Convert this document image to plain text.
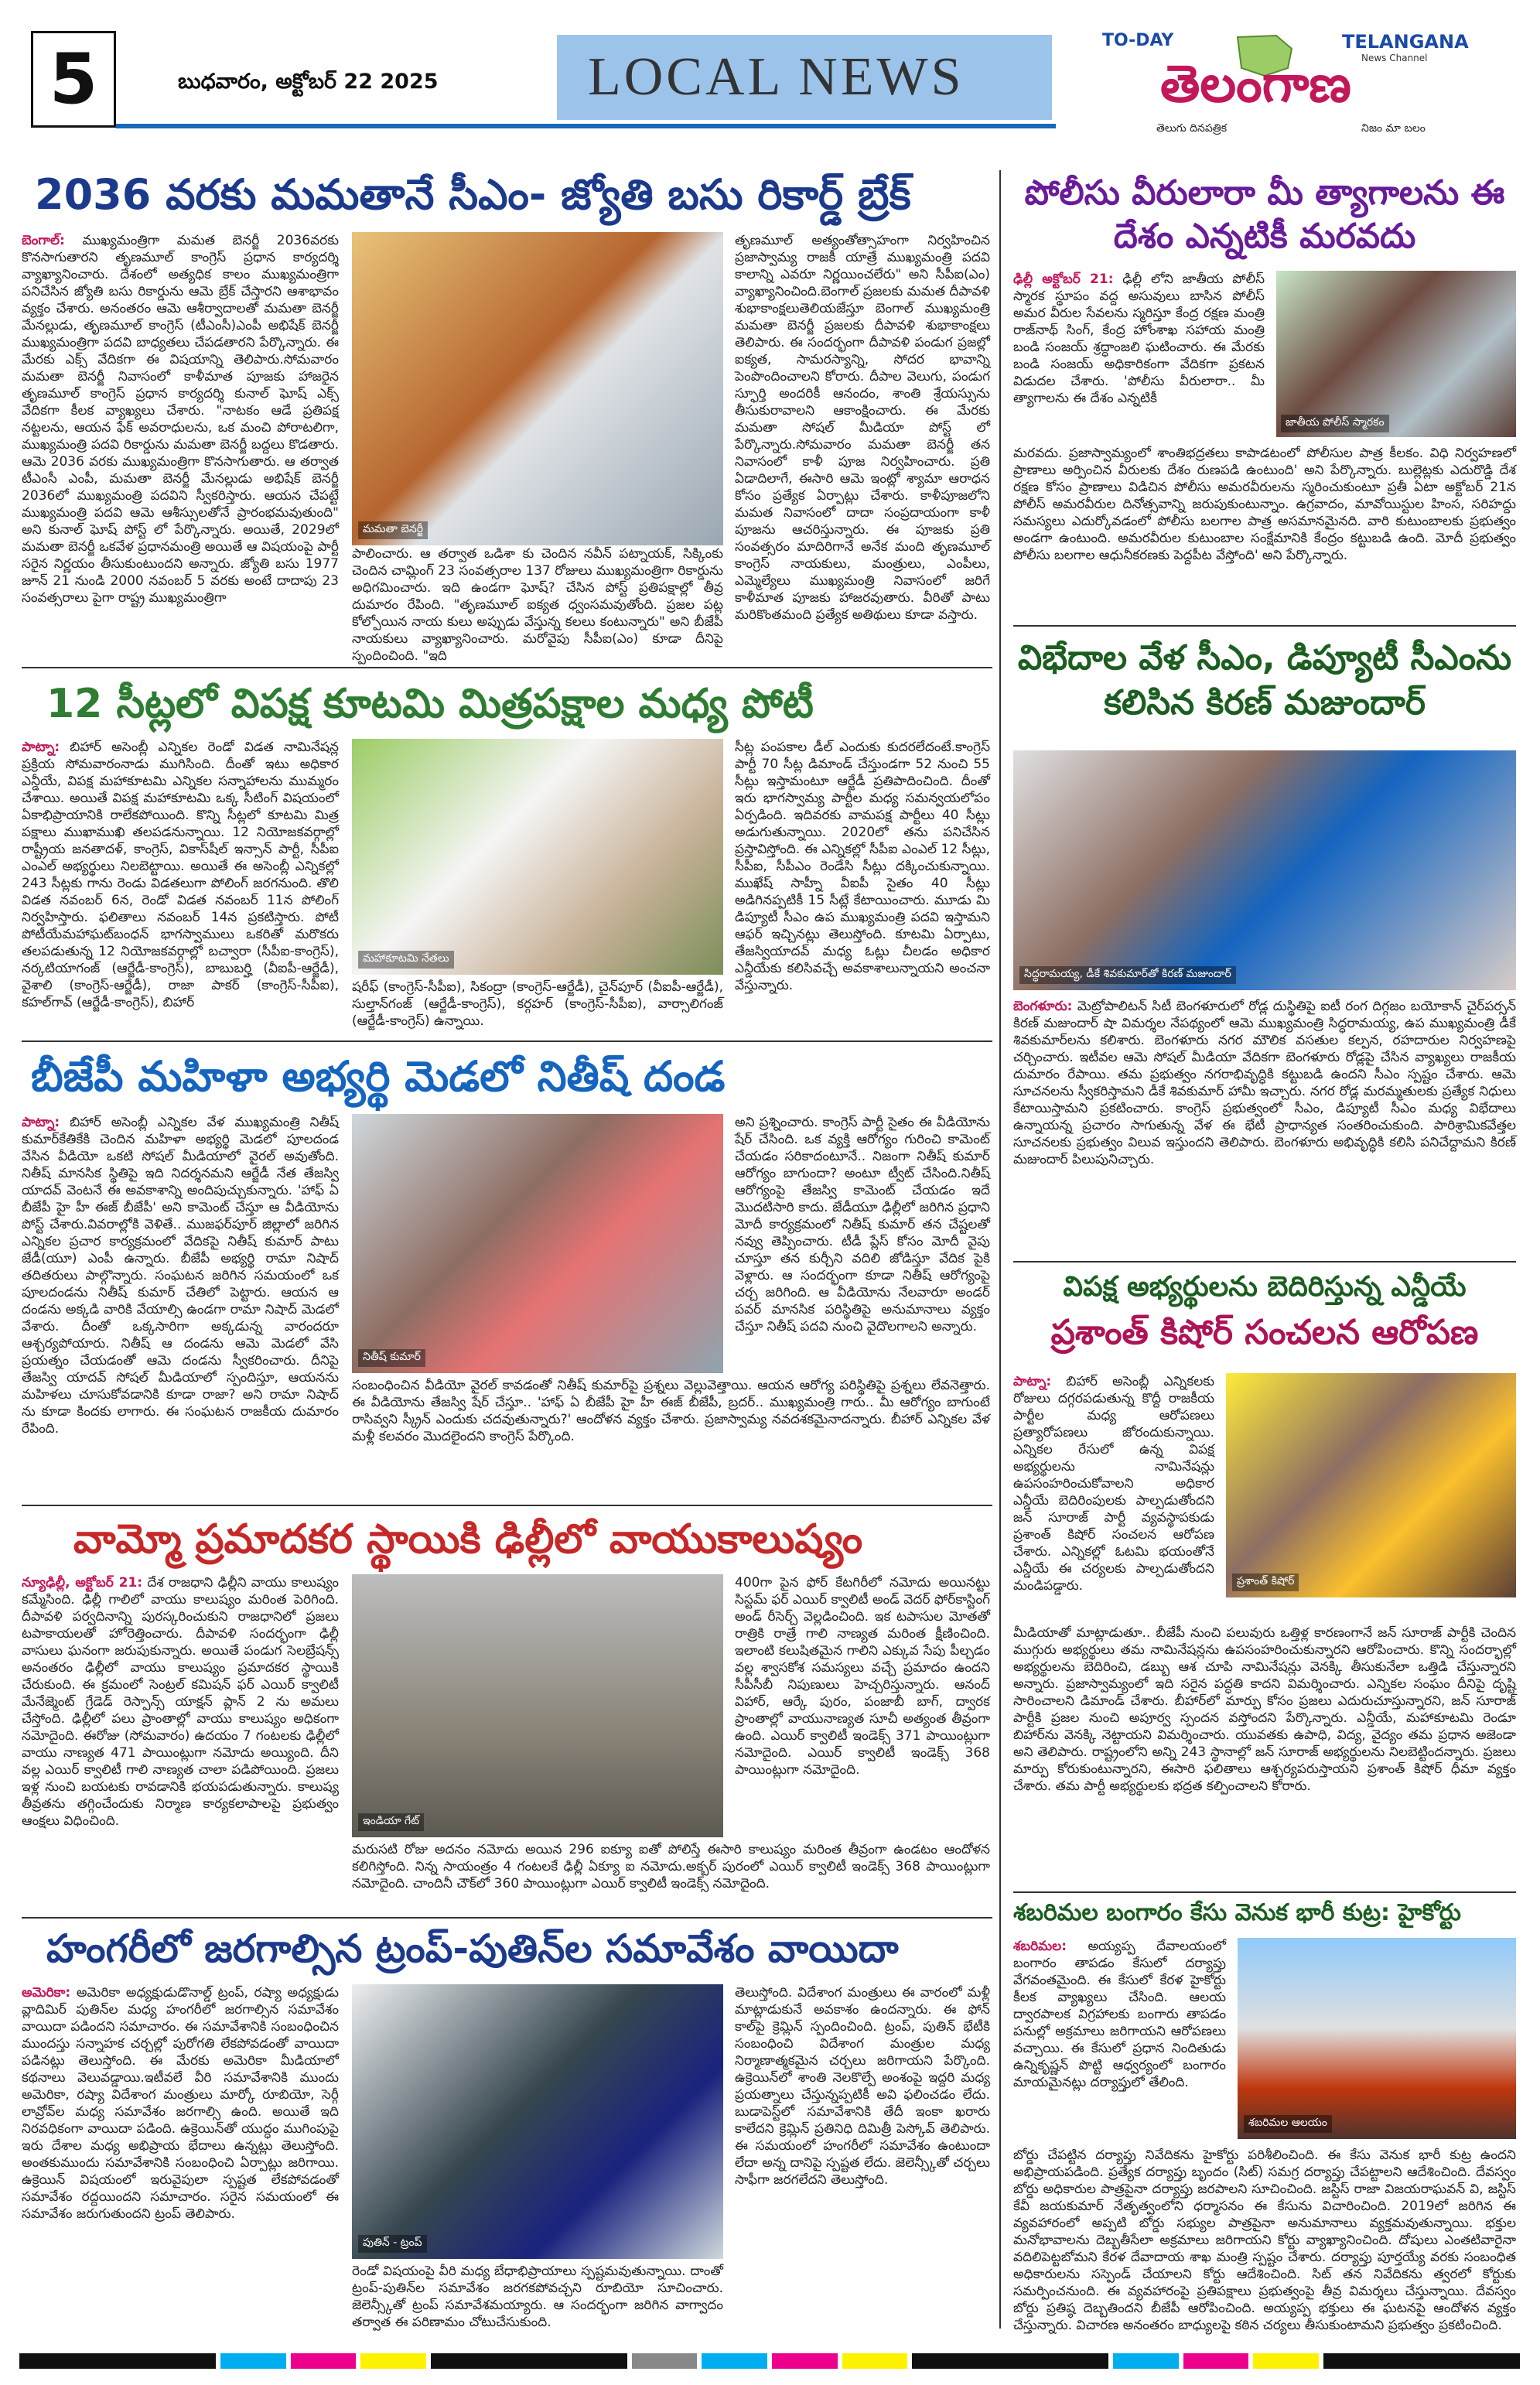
5	బుధవారం, అక్టోబర్ 22 2025	LOCAL NEWS
TO-DAY	TELANGANA
News Channel
తెలంగాణ
తెలుగు దినపత్రిక	నిజం మా బలం
2036 వరకు మమతానే సీఎం- జ్యోతి బసు రికార్డ్ బ్రేక్
బెంగాల్: ముఖ్యమంత్రిగా మమత బెనర్జీ 2036వరకు కొనసాగుతారని తృణమూల్ కాంగ్రెస్ ప్రధాన కార్యదర్శి వ్యాఖ్యానించారు. దేశంలో అత్యధిక కాలం ముఖ్యమంత్రిగా పనిచేసిన జ్యోతి బసు రికార్డును ఆమె బ్రేక్ చేస్తారని ఆశాభావం వ్యక్తం చేశారు. అనంతరం ఆమె ఆశీర్వాదాలతో మమతా బెనర్జీ మేనల్లుడు, తృణమూల్ కాంగ్రెస్ (టీఎంసీ)ఎంపీ అభిషేక్ బెనర్జీ ముఖ్యమంత్రిగా పదవి బాధ్యతలు చేపడతారని పేర్కొన్నారు. ఈ మేరకు ఎక్స్ వేదికగా ఈ విషయాన్ని తెలిపారు.సోమవారం మమతా బెనర్జీ నివాసంలో కాళీమాత పూజకు హాజరైన తృణమూల్ కాంగ్రెస్ ప్రధాన కార్యదర్శి కునాల్ ఘోష్ ఎక్స్ వేదికగా కీలక వ్యాఖ్యలు చేశారు. "నాటకం ఆడే ప్రతిపక్ష నట్టలను, ఆయన ఫేక్ అవరాధులను, ఒక మంచి పోరాటలిగా, ముఖ్యమంత్రి పదవి రికార్డును మమతా బెనర్జీ బద్దలు కొడతారు. ఆమె 2036 వరకు ముఖ్యమంత్రిగా కొనసాగుతారు. ఆ తర్వాత టీఎంసీ ఎంపీ, మమతా బెనర్జీ మేనల్లుడు అభిషేక్ బెనర్జీ 2036లో ముఖ్యమంత్రి పదవిని స్వీకరిస్తారు. ఆయన చేపట్టే ముఖ్యమంత్రి పదవి ఆమె ఆశీస్సులతోనే ప్రారంభమవుతుంది" అని కునాల్ ఘోష్ పోస్ట్ లో పేర్కొన్నారు. అయితే, 2029లో మమతా బెనర్జీ ఒకవేళ ప్రధానమంత్రి అయితే ఆ విషయంపై పార్టీ సరైన నిర్ణయం తీసుకుంటుందని అన్నారు. జ్యోతి బసు 1977 జూన్ 21 నుండి 2000 నవంబర్ 5 వరకు అంటే దాదాపు 23 సంవత్సరాలు పైగా రాష్ట్ర ముఖ్యమంత్రిగా
మమతా బెనర్జీ
పాలించారు. ఆ తర్వాత ఒడిశా కు చెందిన నవీన్ పట్నాయక్, సిక్కింకు చెందిన చామ్లింగ్ 23 సంవత్సరాల 137 రోజులు ముఖ్యమంత్రిగా రికార్డును అధిగమించారు. ఇది ఉండగా ఘోష్? చేసిన పోస్ట్ ప్రతిపక్షాల్లో తీవ్ర దుమారం రేపింది. "తృణమూల్ ఐక్యత ధ్వంసమవుతోంది. ప్రజల పట్ల కోల్పోయిన నాయ కులు అప్పుడు వేస్తున్న కలలు కంటున్నారు" అని బీజేపీ నాయకులు వ్యాఖ్యానించారు. మరోవైపు సీపీఐ(ఎం) కూడా దీనిపై స్పందించింది. "ఇది
తృణమూల్ అత్యంతోత్సాహంగా నిర్వహించిన ప్రజాస్వామ్య రాజకీ యాత్రే ముఖ్యమంత్రి పదవి కాలాన్ని ఎవరూ నిర్ణయించలేరు" అని సీపీఐ(ఎం) వ్యాఖ్యానించింది.బెంగాల్ ప్రజలకు మమత దీపావళి శుభాకాంక్షలుతెలియజేస్తూ బెంగాల్ ముఖ్యమంత్రి మమతా బెనర్జీ ప్రజలకు దీపావళి శుభాకాంక్షలు తెలిపారు. ఈ సందర్భంగా దీపావళి పండుగ ప్రజల్లో ఐక్యత, సామరస్యాన్ని, సోదర భావాన్ని పెంపొందించాలని కోరారు. దీపాల వెలుగు, పండుగ స్ఫూర్తి అందరికీ ఆనందం, శాంతి శ్రేయస్సును తీసుకురావాలని ఆకాంక్షించారు. ఈ మేరకు మమతా సోషల్ మీడియా పోస్ట్ లో పేర్కొన్నారు.సోమవారం మమతా బెనర్జీ తన నివాసంలో కాళీ పూజ నిర్వహించారు. ప్రతి ఏడాదిలాగే, ఈసారి ఆమె ఇంట్లో శ్యామా ఆరాధన కోసం ప్రత్యేక ఏర్పాట్లు చేశారు. కాళీపూజలోని మమత నివాసంలో దాదా సంప్రదాయంగా కాళీ పూజను ఆచరిస్తున్నారు. ఈ పూజకు ప్రతి సంవత్సరం మాదిరిగానే అనేక మంది తృణమూల్ కాంగ్రెస్ నాయకులు, మంత్రులు, ఎంపీలు, ఎమ్మెల్యేలు ముఖ్యమంత్రి నివాసంలో జరిగే కాళీమాత పూజకు హాజరవుతారు. వీరితో పాటు మరికొంతమంది ప్రత్యేక అతిథులు కూడా వస్తారు.
12 సీట్లలో విపక్ష కూటమి మిత్రపక్షాల మధ్య పోటీ
పాట్నా: బిహార్ అసెంబ్లీ ఎన్నికల రెండో విడత నామినేషన్ల ప్రక్రియ సోమవారంనాడు ముగిసింది. దీంతో ఇటు అధికార ఎన్డీయే, విపక్ష మహాకూటమి ఎన్నికల సన్నాహాలను ముమ్మరం చేశాయి. అయితే విపక్ష మహాకూటమి ఒక్క సీటింగ్ విషయంలో ఏకాభిప్రాయానికి రాలేకపోయింది. కొన్ని సీట్లలో కూటమి మిత్ర పక్షాలు ముఖాముఖి తలపడనున్నాయి. 12 నియోజకవర్గాల్లో రాష్ట్రీయ జనతాదళ్, కాంగ్రెస్, వికాస్‌షీల్ ఇన్సాన్ పార్టీ, సీపీఐ ఎంఎల్ అభ్యర్థులు నిలబెట్టాయి. అయితే ఈ అసెంబ్లీ ఎన్నికల్లో 243 సీట్లకు గాను రెండు విడతలుగా పోలింగ్ జరగనుంది. తొలి విడత నవంబర్ 6న, రెండో విడత నవంబర్ 11న పోలింగ్ నిర్వహిస్తారు. ఫలితాలు నవంబర్ 14న ప్రకటిస్తారు. పోటీ పోటీయేమహాఘట్‌బంధన్ భాగస్వాములు ఒకరితో మరొకరు తలపడుతున్న 12 నియోజకవర్గాల్లో బచ్వారా (సీపీఐ-కాంగ్రెస్), నర్కటియాగంజ్ (ఆర్జేడీ-కాంగ్రెస్), బాబుబర్హి (వీఐపీ-ఆర్జేడీ), వైశాలి (కాంగ్రెస్-ఆర్జేడీ), రాజా పాకర్ (కాంగ్రెస్-సీపీఐ), కహల్‌గావ్ (ఆర్జేడీ-కాంగ్రెస్), బిహార్
మహాకూటమి నేతలు
షరీఫ్ (కాంగ్రెస్-సీపీఐ), సికంద్రా (కాంగ్రెస్-ఆర్జేడీ), చైన్‌పూర్ (వీఐపీ-ఆర్జేడీ), సుల్తాన్‌గంజ్ (ఆర్జేడీ-కాంగ్రెస్), కర్గహర్ (కాంగ్రెస్-సీపీఐ), వార్సాలిగంజ్ (ఆర్జేడీ-కాంగ్రెస్) ఉన్నాయి.
సీట్ల పంపకాల డీల్ ఎందుకు కుదరలేదంటే.కాంగ్రెస్ పార్టీ 70 సీట్ల డిమాండ్ చేస్తుండగా 52 నుంచి 55 సీట్లు ఇస్తామంటూ ఆర్జేడీ ప్రతిపాదించింది. దీంతో ఇరు భాగస్వామ్య పార్టీల మధ్య సమన్వయలోపం ఏర్పడింది. ఇదివరకు వామపక్ష పార్టీలు 40 సీట్లు అడుగుతున్నాయి. 2020లో తను పనిచేసిన ప్రస్తావిస్తోంది. ఈ ఎన్నికల్లో సీపీఐ ఎంఎల్ 12 సీట్లు, సీపీఐ, సీపీఎం రెండేసి సీట్లు దక్కించుకున్నాయి. ముఖేష్ సాహ్నీ వీఐపీ సైతం 40 సీట్లు అడిగినప్పటికీ 15 సీట్లే కేటాయించారు. మూడు మి డిప్యూటీ సీఎం ఉప ముఖ్యమంత్రి పదవి ఇస్తామని ఆఫర్ ఇచ్చినట్లు తెలుస్తోంది. కూటమి ఏర్పాటు, తేజస్వియాదవ్ మధ్య ఓట్లు చీలడం అధికార ఎన్డీయేకు కలిసివచ్చే అవకాశాలున్నాయని అంచనా వేస్తున్నారు.
బీజేపీ మహిళా అభ్యర్థి మెడలో నితీష్ దండ
పాట్నా: బిహార్ అసెంబ్లీ ఎన్నికల వేళ ముఖ్యమంత్రి నితీష్ కుమార్‌కేతికేకి చెందిన మహిళా అభ్యర్థి మెడలో పూలదండ వేసిన వీడియో ఒకటి సోషల్ మీడియాలో వైరల్ అవుతోంది. నితీష్ మానసిక స్థితిపై ఇది నిదర్శనమని ఆర్జేడీ నేత తేజస్వి యాదవ్ వెంటనే ఈ అవకాశాన్ని అందిపుచ్చుకున్నారు. 'హాఫ్ ఏ బీజేపీ హై హీ ఈజ్ బీజేపీ' అని కామెంట్ చేస్తూ ఆ వీడియోను పోస్ట్ చేశారు.వివరాల్లోకి వెళితే.. ముజఫర్‌పూర్ జిల్లాలో జరిగిన ఎన్నికల ప్రచార కార్యక్రమంలో వేదికపై నితీష్ కుమార్ పాటు జేడీ(యూ) ఎంపీ ఉన్నారు. బీజేపీ అభ్యర్థి రామా నిషాద్ తదితరులు పాల్గొన్నారు. సంఘటన జరిగిన సమయంలో ఒక పూలదండను నితీష్ కుమార్ చేతిలో పెట్టారు. ఆయన ఆ దండను అక్కడి వారికి వేయాల్సి ఉండగా రామా నిషాద్ మెడలో వేశారు. దీంతో ఒక్కసారిగా అక్కడున్న వారందరూ ఆశ్చర్యపోయారు. నితీష్ ఆ దండను ఆమె మెడలో వేసి ప్రయత్నం చేయడంతో ఆమె దండను స్వీకరించారు. దీనిపై తేజస్వి యాదవ్ సోషల్ మీడియాలో స్పందిస్తూ, ఆయనను మహిళలు చూసుకోవడానికి కూడా రాజా? అని రామా నిషాద్ ను కూడా కిందకు లాగారు. ఈ సంఘటన రాజకీయ దుమారం రేపింది.
నితీష్ కుమార్
సంబంధించిన వీడియో వైరల్ కావడంతో నితీష్ కుమార్‌పై ప్రశ్నలు వెల్లువెత్తాయి. ఆయన ఆరోగ్య పరిస్థితిపై ప్రశ్నలు లేవనెత్తారు. ఈ వీడియోను తేజస్వి షేర్ చేస్తూ.. 'హాఫ్ ఏ బీజేపీ హై హీ ఈజ్ బీజేపీ, బ్రదర్.. ముఖ్యమంత్రి గారు.. మీ ఆరోగ్యం బాగుంటే రాసివ్వని స్క్రీన్ ఎందుకు చదవుతున్నారు?' ఆందోళన వ్యక్తం చేశారు. ప్రజాస్వామ్య నవదశకమైనాదన్నారు. బీహార్ ఎన్నికల వేళ మళ్లీ కలవరం మొదలైందని కాంగ్రెస్ పేర్కొంది.
అని ప్రశ్నించారు. కాంగ్రెస్ పార్టీ సైతం ఈ వీడియోను షేర్ చేసింది. ఒక వ్యక్తి ఆరోగ్యం గురించి కామెంట్ చేయడం సరికాదంటూనే.. నిజంగా నితీష్ కుమార్ ఆరోగ్యం బాగుందా? అంటూ ట్వీట్ చేసింది.నితీష్ ఆరోగ్యంపై తేజస్వి కామెంట్ చేయడం ఇదే మొదటిసారి కాదు. జేడీయూ ఢిల్లీలో జరిగిన ప్రధాని మోదీ కార్యక్రమంలో నితీష్ కుమార్ తన చేష్టలతో నవ్వు తెప్పించారు. టీడీ ప్లేస్ కోసం మోదీ వైపు చూస్తూ తన కుర్చీని వదిలి జోడిస్తూ వేదిక పైకి వెళ్లారు. ఆ సందర్భంగా కూడా నితీష్ ఆరోగ్యంపై చర్చ జరిగింది. ఆ వీడియోను నేలవారూ అండర్ పవర్ మానసిక పరిస్థితిపై అనుమానాలు వ్యక్తం చేస్తూ నితీష్ పదవి నుంచి వైదొలగాలని అన్నారు.
వామ్మో ప్రమాదకర స్థాయికి ఢిల్లీలో వాయుకాలుష్యం
న్యూఢిల్లీ, అక్టోబర్ 21: దేశ రాజధాని ఢిల్లీని వాయు కాలుష్యం కమ్మేసింది. ఢిల్లీ గాలిలో వాయు కాలుష్యం మరింత పెరిగింది. దీపావళి పర్వదినాన్ని పురస్కరించుకుని రాజధానిలో ప్రజలు టపాకాయలతో హోరెత్తించారు. దీపావళి సందర్భంగా ఢిల్లీ వాసులు ఘనంగా జరుపుకున్నారు. అయితే పండుగ సెలబ్రేషన్స్ అనంతరం ఢిల్లీలో వాయు కాలుష్యం ప్రమాదకర స్థాయికి చేరుకుంది. ఈ క్రమంలో సెంట్రల్ కమిషన్ ఫర్ ఎయిర్ క్వాలిటీ మేనేజ్మెంట్ గ్రేడెడ్ రెస్పాన్స్ యాక్షన్ ప్లాన్ 2 ను అమలు చేస్తోంది. ఢిల్లీలో పలు ప్రాంతాల్లో వాయు కాలుష్యం అధికంగా నమోదైంది. ఈరోజు (సోమవారం) ఉదయం 7 గంటలకు ఢిల్లీలో వాయు నాణ్యత 471 పాయింట్లుగా నమోదు అయ్యింది. దీని వల్ల ఎయిర్ క్వాలిటీ గాలి నాణ్యత చాలా పడిపోయింది. ప్రజలు ఇళ్ల నుంచి బయటకు రావడానికి భయపడుతున్నారు. కాలుష్య తీవ్రతను తగ్గించేందుకు నిర్మాణ కార్యకలాపాలపై ప్రభుత్వం ఆంక్షలు విధించింది.	ఇండియా గేట్
మరుసటి రోజు అదనం నమోదు అయిన 296 ఐక్యూ ఐతో పోలిస్తే ఈసారి కాలుష్యం మరింత తీవ్రంగా ఉండటం ఆందోళన కలిగిస్తోంది. నిన్న సాయంత్రం 4 గంటలకే ఢిల్లీ ఏక్యూ ఐ నమోదు.అక్బర్ పురంలో ఎయిర్ క్వాలిటీ ఇండెక్స్ 368 పాయింట్లుగా నమోదైంది. చాందినీ చౌక్‌లో 360 పాయింట్లుగా ఎయిర్ క్వాలిటీ ఇండెక్స్ నమోదైంది.
400గా పైన ఫోర్ కేటగిరీలో నమోదు అయినట్టు సిస్టమ్ ఫర్ ఎయిర్ క్వాలిటీ అండ్ వెదర్ ఫోర్‌కాస్టింగ్ అండ్ రీసెర్చ్ వెల్లడించింది. ఇక టపాసుల మోతతో రాత్రికి రాత్రే గాలి నాణ్యత మరింత క్షీణించింది. ఇలాంటి కలుషితమైన గాలిని ఎక్కువ సేపు పీల్చడం వల్ల శ్వాసకోశ సమస్యలు వచ్చే ప్రమాదం ఉందని సీపీసీబీ నిపుణులు హెచ్చరిస్తున్నారు. ఆనంద్ విహార్, ఆర్కే పురం, పంజాబీ బాగ్, ద్వారక ప్రాంతాల్లో వాయునాణ్యత సూచీ అత్యంత తీవ్రంగా ఉంది. ఎయిర్ క్వాలిటీ ఇండెక్స్ 371 పాయింట్లుగా నమోదైంది. ఎయిర్ క్వాలిటీ ఇండెక్స్ 368 పాయింట్లుగా నమోదైంది.
హంగరీలో జరగాల్సిన ట్రంప్-పుతిన్‌ల సమావేశం వాయిదా
అమెరికా: అమెరికా అధ్యక్షుడుడొనాల్డ్ ట్రంప్, రష్యా అధ్యక్షుడు వ్లాదిమిర్ పుతిన్‌ల మధ్య హంగరీలో జరగాల్సిన సమావేశం వాయిదా పడిందని సమాచారం. ఈ సమావేశానికి సంబంధించిన ముందస్తు సన్నాహక చర్చల్లో పురోగతి లేకపోవడంతో వాయిదా పడినట్లు తెలుస్తోంది. ఈ మేరకు అమెరికా మీడియాలో కథనాలు వెలువడ్డాయి.ఇటీవలే వీరి సమావేశానికి ముందు అమెరికా, రష్యా విదేశాంగ మంత్రులు మార్కో రూబియో, సెర్గీ లావ్రోవ్‌ల మధ్య సమావేశం జరగాల్సి ఉంది. అయితే ఇది నిరవధికంగా వాయిదా పడింది. ఉక్రెయిన్‌తో యుద్ధం ముగింపుపై ఇరు దేశాల మధ్య అభిప్రాయ భేదాలు ఉన్నట్లు తెలుస్తోంది. అంతకుముందు సమావేశానికి సంబంధించి ఏర్పాట్లు జరిగాయి. ఉక్రెయిన్ విషయంలో ఇరువైపులా స్పష్టత లేకపోవడంతో సమావేశం రద్దయిందని సమాచారం. సరైన సమయంలో ఈ సమావేశం జరుగుతుందని ట్రంప్ తెలిపారు.
పుతిన్ - ట్రంప్
రెండో విషయంపై వీరి మధ్య బేధాభిప్రాయాలు స్పష్టమవుతున్నాయి. దాంతో ట్రంప్-పుతిన్‌ల సమావేశం జరగకపోవచ్చని రూబియో సూచించారు. జెలెన్స్కీతో ట్రంప్ సమావేశమయ్యారు. ఆ సందర్భంగా జరిగిన వాగ్వాదం తర్వాత ఈ పరిణామం చోటుచేసుకుంది.
తెలుస్తోంది. విదేశాంగ మంత్రులు ఈ వారంలో మళ్లీ మాట్లాడుకునే అవకాశం ఉందన్నారు. ఈ ఫోన్ కాల్‌పై క్రెమ్లిన్ స్పందించింది. ట్రంప్, పుతిన్ భేటీకి సంబంధించి విదేశాంగ మంత్రుల మధ్య నిర్మాణాత్మకమైన చర్చలు జరిగాయని పేర్కొంది. ఉక్రెయిన్‌లో శాంతి నెలకొల్పే అంశంపై ఇద్దరి మధ్య ప్రయత్నాలు చేస్తున్నప్పటికీ అవి ఫలించడం లేదు. బుడాపెస్ట్‌లో సమావేశానికి తేదీ ఇంకా ఖరారు కాలేదని క్రెమ్లిన్ ప్రతినిధి దిమిత్రీ పెస్కోవ్ తెలిపారు. ఈ సమయంలో హంగరీలో సమావేశం ఉంటుందా లేదా అన్న దానిపై స్పష్టత లేదు. జెలెన్స్కీతో చర్చలు సాఫీగా జరగలేదని తెలుస్తోంది.
పోలీసు వీరులారా మీ త్యాగాలను ఈ దేశం ఎన్నటికీ మరవదు
ఢిల్లీ అక్టోబర్ 21: ఢిల్లీ లోని జాతీయ పోలీస్ స్మారక స్థూపం వద్ద అసువులు బాసిన పోలీస్ అమర వీరుల సేవలను స్మరిస్తూ కేంద్ర రక్షణ మంత్రి రాజ్‌నాథ్ సింగ్, కేంద్ర హోంశాఖ సహాయ మంత్రి బండి సంజయ్ శ్రద్ధాంజలి ఘటించారు. ఈ మేరకు బండి సంజయ్ అధికారికంగా వేదికగా ప్రకటన విడుదల చేశారు. 'పోలీసు వీరులారా.. మీ త్యాగాలను ఈ దేశం ఎన్నటికీ
జాతీయ పోలీస్ స్మారకం
మరవదు. ప్రజాస్వామ్యంలో శాంతిభద్రతలు కాపాడటంలో పోలీసుల పాత్ర కీలకం. విధి నిర్వహణలో ప్రాణాలు అర్పించిన వీరులకు దేశం రుణపడి ఉంటుంది' అని పేర్కొన్నారు. బుల్లెట్లకు ఎదురొడ్డి దేశ రక్షణ కోసం ప్రాణాలు విడిచిన పోలీసు అమరవీరులను స్మరించుకుంటూ ప్రతీ ఏటా అక్టోబర్ 21న పోలీస్ అమరవీరుల దినోత్సవాన్ని జరుపుకుంటున్నాం. ఉగ్రవాదం, మావోయిస్టుల హింస, సరిహద్దు సమస్యలు ఎదుర్కోవడంలో పోలీసు బలగాల పాత్ర అసమానమైనది. వారి కుటుంబాలకు ప్రభుత్వం అండగా ఉంటుంది. అమరవీరుల కుటుంబాల సంక్షేమానికి కేంద్రం కట్టుబడి ఉంది. మోదీ ప్రభుత్వం పోలీసు బలగాల ఆధునీకరణకు పెద్దపీట వేస్తోంది' అని పేర్కొన్నారు.
విభేదాల వేళ సీఎం, డిప్యూటీ సీఎంను కలిసిన కిరణ్ మజుందార్
సిద్ధరామయ్య, డీకే శివకుమార్‌తో కిరణ్ మజుందార్
బెంగళూరు: మెట్రోపాలిటన్ సిటీ బెంగళూరులో రోడ్ల దుస్థితిపై ఐటీ రంగ దిగ్గజం బయోకాన్ చైర్‌పర్సన్ కిరణ్ మజుందార్ షా విమర్శల నేపథ్యంలో ఆమె ముఖ్యమంత్రి సిద్ధరామయ్య, ఉప ముఖ్యమంత్రి డీకే శివకుమార్‌లను కలిశారు. బెంగళూరు నగర మౌలిక వసతుల కల్పన, రహదారుల నిర్వహణపై చర్చించారు. ఇటీవల ఆమె సోషల్ మీడియా వేదికగా బెంగళూరు రోడ్లపై చేసిన వ్యాఖ్యలు రాజకీయ దుమారం రేపాయి. తమ ప్రభుత్వం నగరాభివృద్ధికి కట్టుబడి ఉందని సీఎం స్పష్టం చేశారు. ఆమె సూచనలను స్వీకరిస్తామని డీకే శివకుమార్ హామీ ఇచ్చారు. నగర రోడ్ల మరమ్మతులకు ప్రత్యేక నిధులు కేటాయిస్తామని ప్రకటించారు. కాంగ్రెస్ ప్రభుత్వంలో సీఎం, డిప్యూటీ సీఎం మధ్య విభేదాలు ఉన్నాయన్న ప్రచారం సాగుతున్న వేళ ఈ భేటీ ప్రాధాన్యత సంతరించుకుంది. పారిశ్రామికవేత్తల సూచనలకు ప్రభుత్వం విలువ ఇస్తుందని తెలిపారు. బెంగళూరు అభివృద్ధికి కలిసి పనిచేద్దామని కిరణ్ మజుందార్ పిలుపునిచ్చారు.
విపక్ష అభ్యర్థులను బెదిరిస్తున్న ఎన్డీయే
ప్రశాంత్ కిషోర్ సంచలన ఆరోపణ
పాట్నా: బిహార్ అసెంబ్లీ ఎన్నికలకు రోజులు దగ్గరపడుతున్న కొద్దీ రాజకీయ పార్టీల మధ్య ఆరోపణలు ప్రత్యారోపణలు జోరందుకున్నాయి. ఎన్నికల రేసులో ఉన్న విపక్ష అభ్యర్థులను నామినేషన్లు ఉపసంహరించుకోవాలని అధికార ఎన్డీయే బెదిరింపులకు పాల్పడుతోందని జన్ సూరాజ్ పార్టీ వ్యవస్థాపకుడు ప్రశాంత్ కిషోర్ సంచలన ఆరోపణ చేశారు. ఎన్నికల్లో ఓటమి భయంతోనే ఎన్డీయే ఈ చర్యలకు పాల్పడుతోందని మండిపడ్డారు.	ప్రశాంత్ కిషోర్
మీడియాతో మాట్లాడుతూ.. బీజేపీ నుంచి పలువురు ఒత్తిళ్ల కారణంగానే జన్ సూరాజ్ పార్టీకి చెందిన ముగ్గురు అభ్యర్థులు తమ నామినేషన్లను ఉపసంహరించుకున్నారని ఆరోపించారు. కొన్ని సందర్భాల్లో అభ్యర్థులను బెదిరించి, డబ్బు ఆశ చూపి నామినేషన్లు వెనక్కి తీసుకునేలా ఒత్తిడి చేస్తున్నారని అన్నారు. ప్రజాస్వామ్యంలో ఇది సరైన పద్ధతి కాదని విమర్శించారు. ఎన్నికల సంఘం దీనిపై దృష్టి సారించాలని డిమాండ్ చేశారు. బీహార్‌లో మార్పు కోసం ప్రజలు ఎదురుచూస్తున్నారని, జన్ సూరాజ్ పార్టీకి ప్రజల నుంచి అపూర్వ స్పందన వస్తోందని పేర్కొన్నారు. ఎన్డీయే, మహాకూటమి రెండూ బిహార్‌ను వెనక్కి నెట్టాయని విమర్శించారు. యువతకు ఉపాధి, విద్య, వైద్యం తమ ప్రధాన అజెండా అని తెలిపారు. రాష్ట్రంలోని అన్ని 243 స్థానాల్లో జన్ సూరాజ్ అభ్యర్థులను నిలబెట్టిందన్నారు. ప్రజలు మార్పు కోరుకుంటున్నారని, ఈసారి ఫలితాలు ఆశ్చర్యపరుస్తాయని ప్రశాంత్ కిషోర్ ధీమా వ్యక్తం చేశారు. తమ పార్టీ అభ్యర్థులకు భద్రత కల్పించాలని కోరారు.
శబరిమల బంగారం కేసు వెనుక భారీ కుట్ర: హైకోర్టు
శబరిమల: అయ్యప్ప దేవాలయంలో బంగారం తాపడం కేసులో దర్యాప్తు వేగవంతమైంది. ఈ కేసులో కేరళ హైకోర్టు కీలక వ్యాఖ్యలు చేసింది. ఆలయ ద్వారపాలక విగ్రహాలకు బంగారు తాపడం పనుల్లో అక్రమాలు జరిగాయని ఆరోపణలు వచ్చాయి. ఈ కేసులో ప్రధాన నిందితుడు ఉన్నికృష్ణన్ పొట్టి ఆధ్వర్యంలో బంగారం మాయమైనట్లు దర్యాప్తులో తేలింది.
శబరిమల ఆలయం
బోర్డు చేపట్టిన దర్యాప్తు నివేదికను హైకోర్టు పరిశీలించింది. ఈ కేసు వెనుక భారీ కుట్ర ఉందని అభిప్రాయపడింది. ప్రత్యేక దర్యాప్తు బృందం (సిట్) సమగ్ర దర్యాప్తు చేపట్టాలని ఆదేశించింది. దేవస్వం బోర్డు అధికారుల పాత్రపైనా దర్యాప్తు జరపాలని సూచించింది. జస్టిస్ రాజా విజయరాఘవన్ వి, జస్టిస్ కేవీ జయకుమార్ నేతృత్వంలోని ధర్మాసనం ఈ కేసును విచారించింది. 2019లో జరిగిన ఈ వ్యవహారంలో అప్పటి బోర్డు సభ్యుల పాత్రపైనా అనుమానాలు వ్యక్తమవుతున్నాయి. భక్తుల మనోభావాలను దెబ్బతీసేలా అక్రమాలు జరిగాయని కోర్టు వ్యాఖ్యానించింది. దోషులు ఎంతటివారైనా వదిలిపెట్టబోమని కేరళ దేవాదాయ శాఖ మంత్రి స్పష్టం చేశారు. దర్యాప్తు పూర్తయ్యే వరకు సంబంధిత అధికారులను సస్పెండ్ చేయాలని కోర్టు ఆదేశించింది. సిట్ తన నివేదికను త్వరలో కోర్టుకు సమర్పించనుంది. ఈ వ్యవహారంపై ప్రతిపక్షాలు ప్రభుత్వంపై తీవ్ర విమర్శలు చేస్తున్నాయి. దేవస్వం బోర్డు ప్రతిష్ఠ దెబ్బతిందని బీజేపీ ఆరోపించింది. అయ్యప్ప భక్తులు ఈ ఘటనపై ఆందోళన వ్యక్తం చేస్తున్నారు. విచారణ అనంతరం బాధ్యులపై కఠిన చర్యలు తీసుకుంటామని ప్రభుత్వం ప్రకటించింది.
